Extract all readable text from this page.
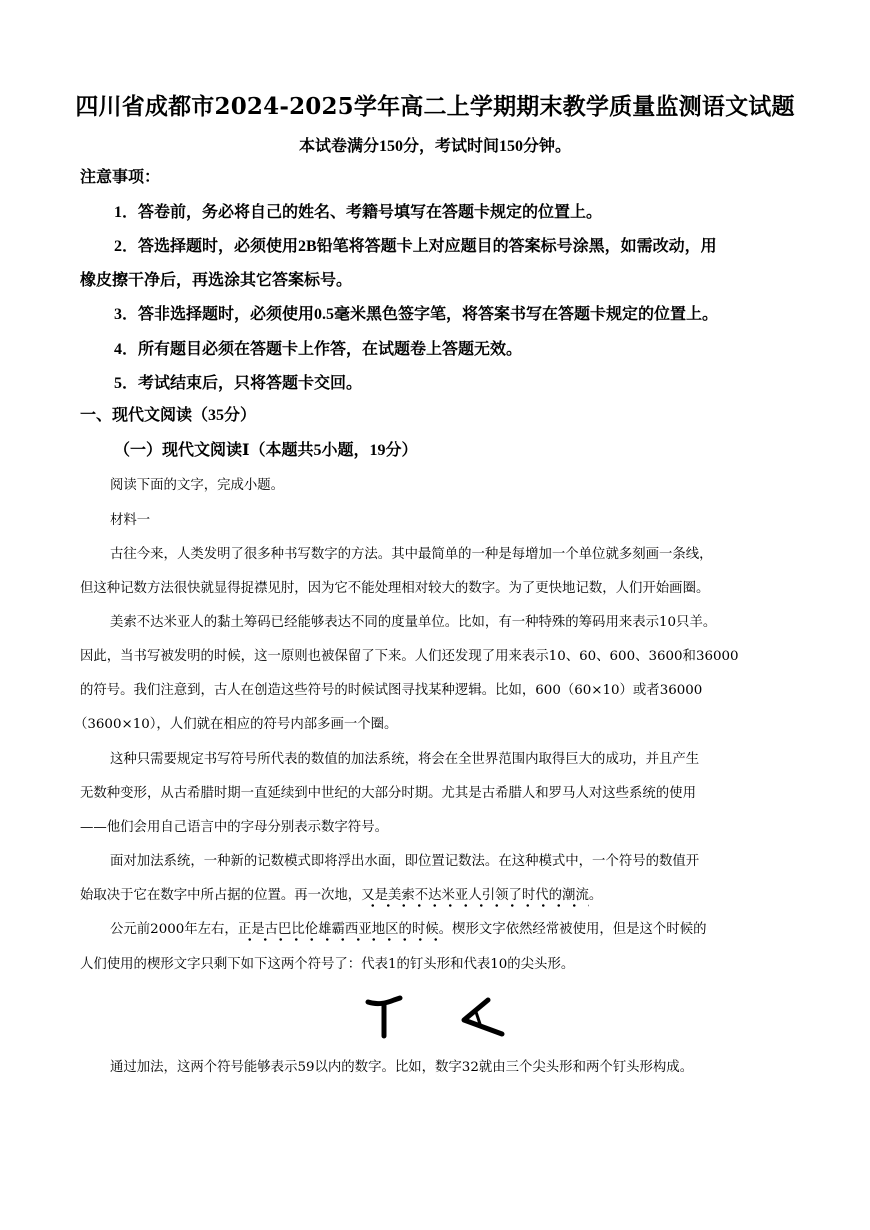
四川省成都市2024-2025学年高二上学期期末教学质量监测语文试题
本试卷满分150分，考试时间150分钟。
注意事项：
1．答卷前，务必将自己的姓名、考籍号填写在答题卡规定的位置上。
2．答选择题时，必须使用2B铅笔将答题卡上对应题目的答案标号涂黑，如需改动，用
橡皮擦干净后，再选涂其它答案标号。
3．答非选择题时，必须使用0.5毫米黑色签字笔，将答案书写在答题卡规定的位置上。
4．所有题目必须在答题卡上作答，在试题卷上答题无效。
5．考试结束后，只将答题卡交回。
一、现代文阅读（35分）
（一）现代文阅读Ⅰ（本题共5小题，19分）
阅读下面的文字，完成小题。
材料一
古往今来，人类发明了很多种书写数字的方法。其中最简单的一种是每增加一个单位就多刻画一条线，
但这种记数方法很快就显得捉襟见肘，因为它不能处理相对较大的数字。为了更快地记数，人们开始画圈。
美索不达米亚人的黏土筹码已经能够表达不同的度量单位。比如，有一种特殊的筹码用来表示10只羊。
因此，当书写被发明的时候，这一原则也被保留了下来。人们还发现了用来表示10、60、600、3600和36000
的符号。我们注意到，古人在创造这些符号的时候试图寻找某种逻辑。比如，600（60×10）或者36000
（3600×10），人们就在相应的符号内部多画一个圈。
这种只需要规定书写符号所代表的数值的加法系统，将会在全世界范围内取得巨大的成功，并且产生
无数种变形，从古希腊时期一直延续到中世纪的大部分时期。尤其是古希腊人和罗马人对这些系统的使用
——他们会用自己语言中的字母分别表示数字符号。
面对加法系统，一种新的记数模式即将浮出水面，即位置记数法。在这种模式中，一个符号的数值开
始取决于它在数字中所占据的位置。再一次地，又是美索不达米亚人引领了时代的潮流。
公元前2000年左右，正是古巴比伦雄霸西亚地区的时候。楔形文字依然经常被使用，但是这个时候的
人们使用的楔形文字只剩下如下这两个符号了：代表1的钉头形和代表10的尖头形。
通过加法，这两个符号能够表示59以内的数字。比如，数字32就由三个尖头形和两个钉头形构成。
